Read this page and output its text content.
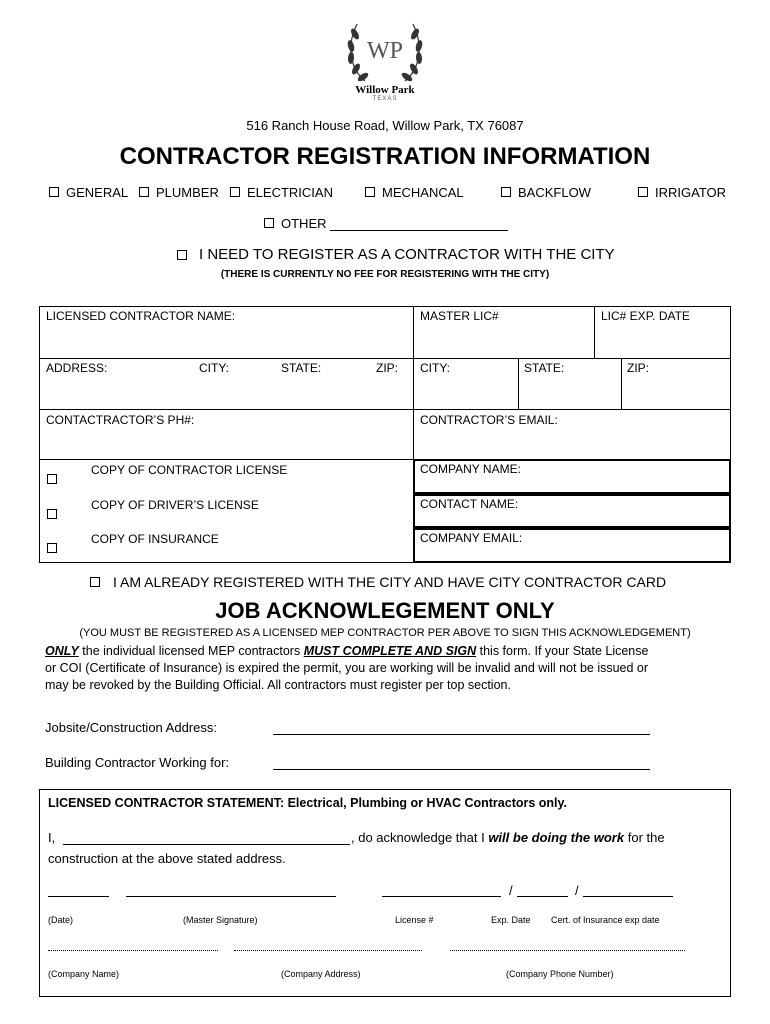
WP
Willow Park
TEXAS
516 Ranch House Road, Willow Park, TX 76087
CONTRACTOR REGISTRATION INFORMATION
GENERAL PLUMBER ELECTRICIAN	MECHANCAL	BACKFLOW	IRRIGATOR
OTHER
I NEED TO REGISTER AS A CONTRACTOR WITH THE CITY
(THERE IS CURRENTLY NO FEE FOR REGISTERING WITH THE CITY)
LICENSED CONTRACTOR NAME:	MASTER LIC#	LIC# EXP. DATE
ADDRESS:	CITY:	STATE:	ZIP: CITY:	STATE:	ZIP:
CONTACTRACTOR’S PH#:	CONTRACTOR’S EMAIL:
COPY OF CONTRACTOR LICENSE
COPY OF DRIVER’S LICENSE
COPY OF INSURANCE
COMPANY NAME:
CONTACT NAME:
COMPANY EMAIL:
I AM ALREADY REGISTERED WITH THE CITY AND HAVE CITY CONTRACTOR CARD
JOB ACKNOWLEGEMENT ONLY
(YOU MUST BE REGISTERED AS A LICENSED MEP CONTRACTOR PER ABOVE TO SIGN THIS ACKNOWLEDGEMENT)
ONLY the individual licensed MEP contractors MUST COMPLETE AND SIGN this form. If your State License
or COI (Certificate of Insurance) is expired the permit, you are working will be invalid and will not be issued or
may be revoked by the Building Official. All contractors must register per top section.
Jobsite/Construction Address:
Building Contractor Working for:
LICENSED CONTRACTOR STATEMENT: Electrical, Plumbing or HVAC Contractors only.
I,	, do acknowledge that I will be doing the work for the
construction at the above stated address.
/	/
(Date)	(Master Signature)	License #	Exp. Date Cert. of Insurance exp date
(Company Name)	(Company Address)	(Company Phone Number)
